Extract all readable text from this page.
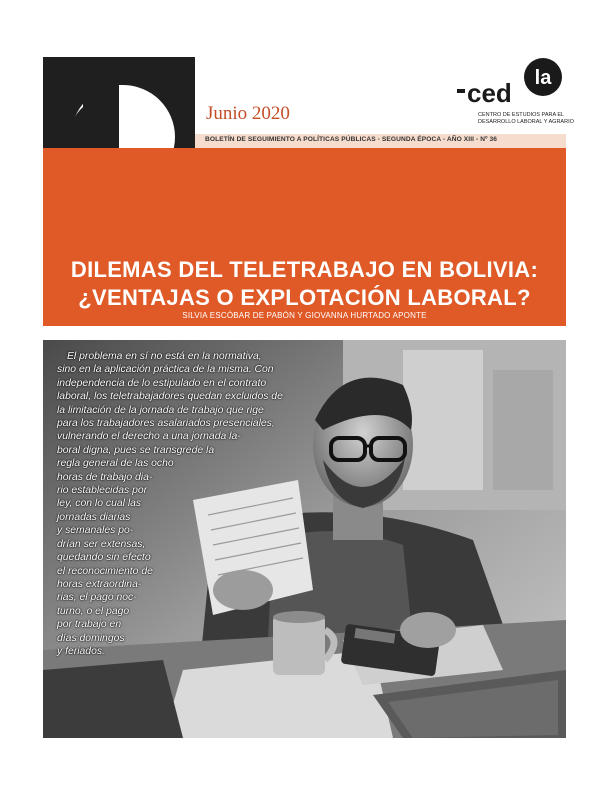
Junio 2020
la
ced
CENTRO DE ESTUDIOS PARA EL
DESARROLLO LABORAL Y AGRARIO
BOLETÍN DE SEGUIMIENTO A POLÍTICAS PÚBLICAS - SEGUNDA ÉPOCA - AÑO XIII - Nº 36
DILEMAS DEL TELETRABAJO EN BOLIVIA:
¿VENTAJAS O EXPLOTACIÓN LABORAL?
SILVIA ESCÓBAR DE PABÓN Y GIOVANNA HURTADO APONTE
El problema en sí no está en la normativa,
sino en la aplicación práctica de la misma. Con
independencia de lo estipulado en el contrato
laboral, los teletrabajadores quedan excluidos de
la limitación de la jornada de trabajo que rige
para los trabajadores asalariados presenciales,
vulnerando el derecho a una jornada la-
boral digna, pues se transgrede la
regla general de las ocho
horas de trabajo dia-
rio establecidas por
ley, con lo cual las
jornadas diarias
y semanales po-
drían ser extensas,
quedando sin efecto
el reconocimiento de
horas extraordina-
rias, el pago noc-
turno, o el pago
por trabajo en
días domingos
y feriados.
